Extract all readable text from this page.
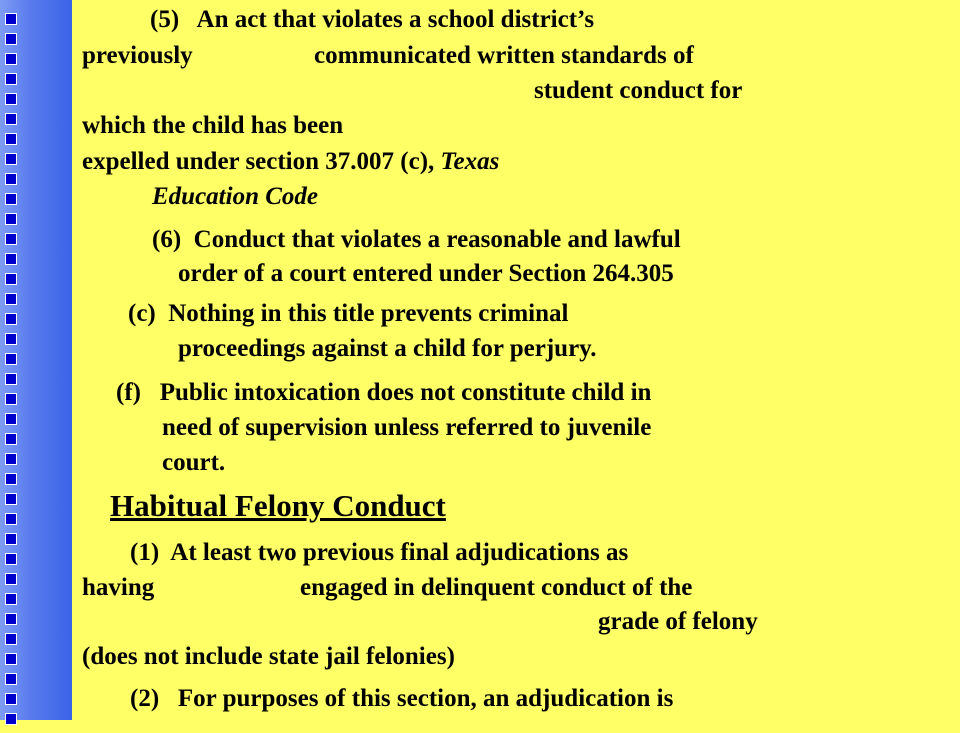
(5)   An act that violates a school district’s
previously	communicated written standards of
student conduct for
which the child has been
expelled under section 37.007 (c), Texas
Education Code
(6)  Conduct that violates a reasonable and lawful
order of a court entered under Section 264.305
(c)  Nothing in this title prevents criminal
proceedings against a child for perjury.
(f)   Public intoxication does not constitute child in
need of supervision unless referred to juvenile
court.
Habitual Felony Conduct
(1)  At least two previous final adjudications as
having	engaged in delinquent conduct of the
grade of felony
(does not include state jail felonies)
(2)   For purposes of this section, an adjudication is
